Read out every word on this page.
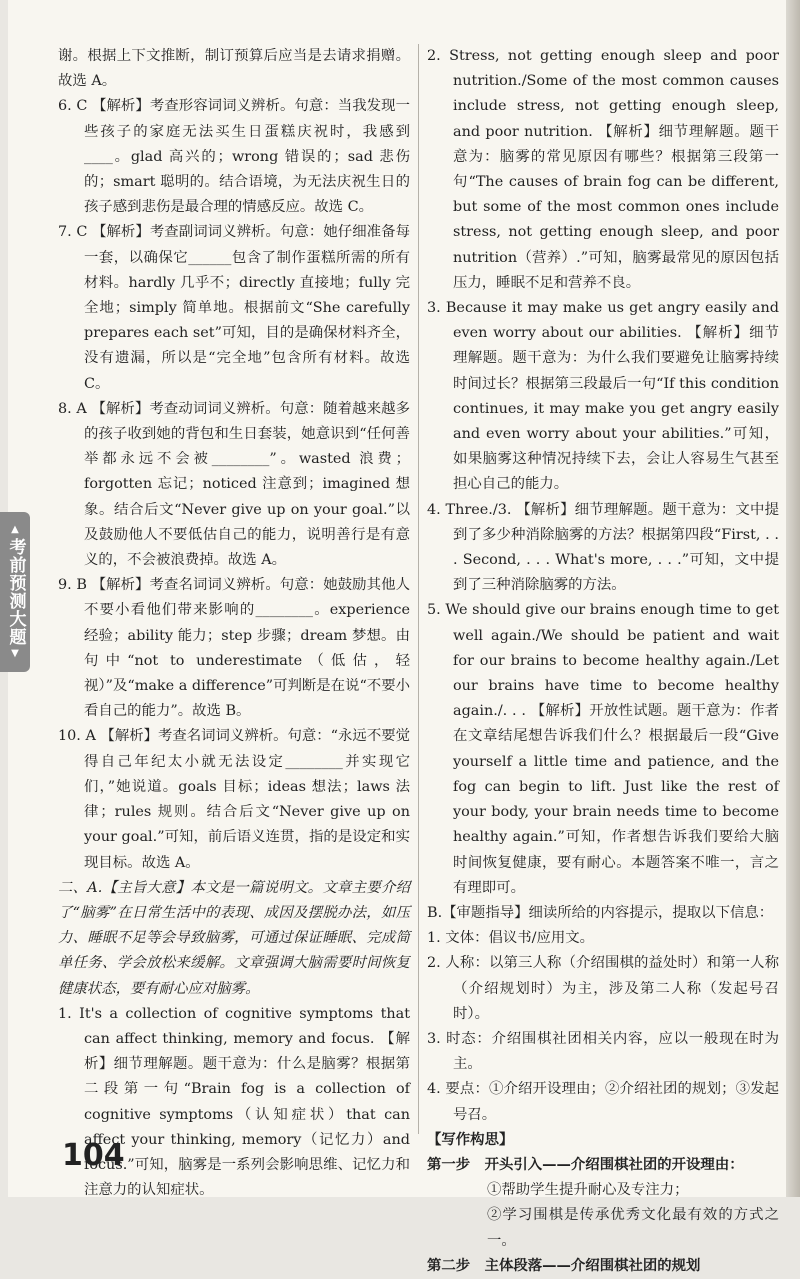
▲
考前预测大题
▼

谢。根据上下文推断，制订预算后应当是去请求捐赠。故选 A。

6. C 【解析】考查形容词词义辨析。句意：当我发现一些孩子的家庭无法买生日蛋糕庆祝时，我感到____。glad 高兴的；wrong 错误的；sad 悲伤的；smart 聪明的。结合语境，为无法庆祝生日的孩子感到悲伤是最合理的情感反应。故选 C。

7. C 【解析】考查副词词义辨析。句意：她仔细准备每一套，以确保它______包含了制作蛋糕所需的所有材料。hardly 几乎不；directly 直接地；fully 完全地；simply 简单地。根据前文“She carefully prepares each set”可知，目的是确保材料齐全，没有遗漏，所以是“完全地”包含所有材料。故选 C。

8. A 【解析】考查动词词义辨析。句意：随着越来越多的孩子收到她的背包和生日套装，她意识到“任何善举都永远不会被________”。wasted 浪费；forgotten 忘记；noticed 注意到；imagined 想象。结合后文“Never give up on your goal.”以及鼓励他人不要低估自己的能力，说明善行是有意义的，不会被浪费掉。故选 A。

9. B 【解析】考查名词词义辨析。句意：她鼓励其他人不要小看他们带来影响的________。experience 经验；ability 能力；step 步骤；dream 梦想。由句中“not to underestimate（低估，轻视）”及“make a difference”可判断是在说“不要小看自己的能力”。故选 B。

10. A 【解析】考查名词词义辨析。句意：“永远不要觉得自己年纪太小就无法设定________并实现它们，”她说道。goals 目标；ideas 想法；laws 法律；rules 规则。结合后文“Never give up on your goal.”可知，前后语义连贯，指的是设定和实现目标。故选 A。

二、A.【主旨大意】本文是一篇说明文。文章主要介绍了“脑雾”在日常生活中的表现、成因及摆脱办法，如压力、睡眠不足等会导致脑雾，可通过保证睡眠、完成简单任务、学会放松来缓解。文章强调大脑需要时间恢复健康状态，要有耐心应对脑雾。

1. It's a collection of cognitive symptoms that can affect thinking, memory and focus. 【解析】细节理解题。题干意为：什么是脑雾？根据第二段第一句“Brain fog is a collection of cognitive symptoms（认知症状）that can affect your thinking, memory（记忆力）and focus.”可知，脑雾是一系列会影响思维、记忆力和注意力的认知症状。

2. Stress, not getting enough sleep and poor nutrition./Some of the most common causes include stress, not getting enough sleep, and poor nutrition. 【解析】细节理解题。题干意为：脑雾的常见原因有哪些？根据第三段第一句“The causes of brain fog can be different, but some of the most common ones include stress, not getting enough sleep, and poor nutrition（营养）.”可知，脑雾最常见的原因包括压力，睡眠不足和营养不良。

3. Because it may make us get angry easily and even worry about our abilities. 【解析】细节理解题。题干意为：为什么我们要避免让脑雾持续时间过长？根据第三段最后一句“If this condition continues, it may make you get angry easily and even worry about your abilities.”可知，如果脑雾这种情况持续下去，会让人容易生气甚至担心自己的能力。

4. Three./3. 【解析】细节理解题。题干意为：文中提到了多少种消除脑雾的方法？根据第四段“First, . . . Second, . . . What's more, . . .”可知，文中提到了三种消除脑雾的方法。

5. We should give our brains enough time to get well again./We should be patient and wait for our brains to become healthy again./Let our brains have time to become healthy again./. . . 【解析】开放性试题。题干意为：作者在文章结尾想告诉我们什么？根据最后一段“Give yourself a little time and patience, and the fog can begin to lift. Just like the rest of your body, your brain needs time to become healthy again.”可知，作者想告诉我们要给大脑时间恢复健康，要有耐心。本题答案不唯一，言之有理即可。

B.【审题指导】细读所给的内容提示，提取以下信息：

1. 文体：倡议书/应用文。

2. 人称：以第三人称（介绍围棋的益处时）和第一人称（介绍规划时）为主，涉及第二人称（发起号召时）。

3. 时态：介绍围棋社团相关内容，应以一般现在时为主。

4. 要点：①介绍开设理由；②介绍社团的规划；③发起号召。

【写作构思】

第一步　开头引入——介绍围棋社团的开设理由：

①帮助学生提升耐心及专注力；

②学习围棋是传承优秀文化最有效的方式之一。

第二步　主体段落——介绍围棋社团的规划

104
